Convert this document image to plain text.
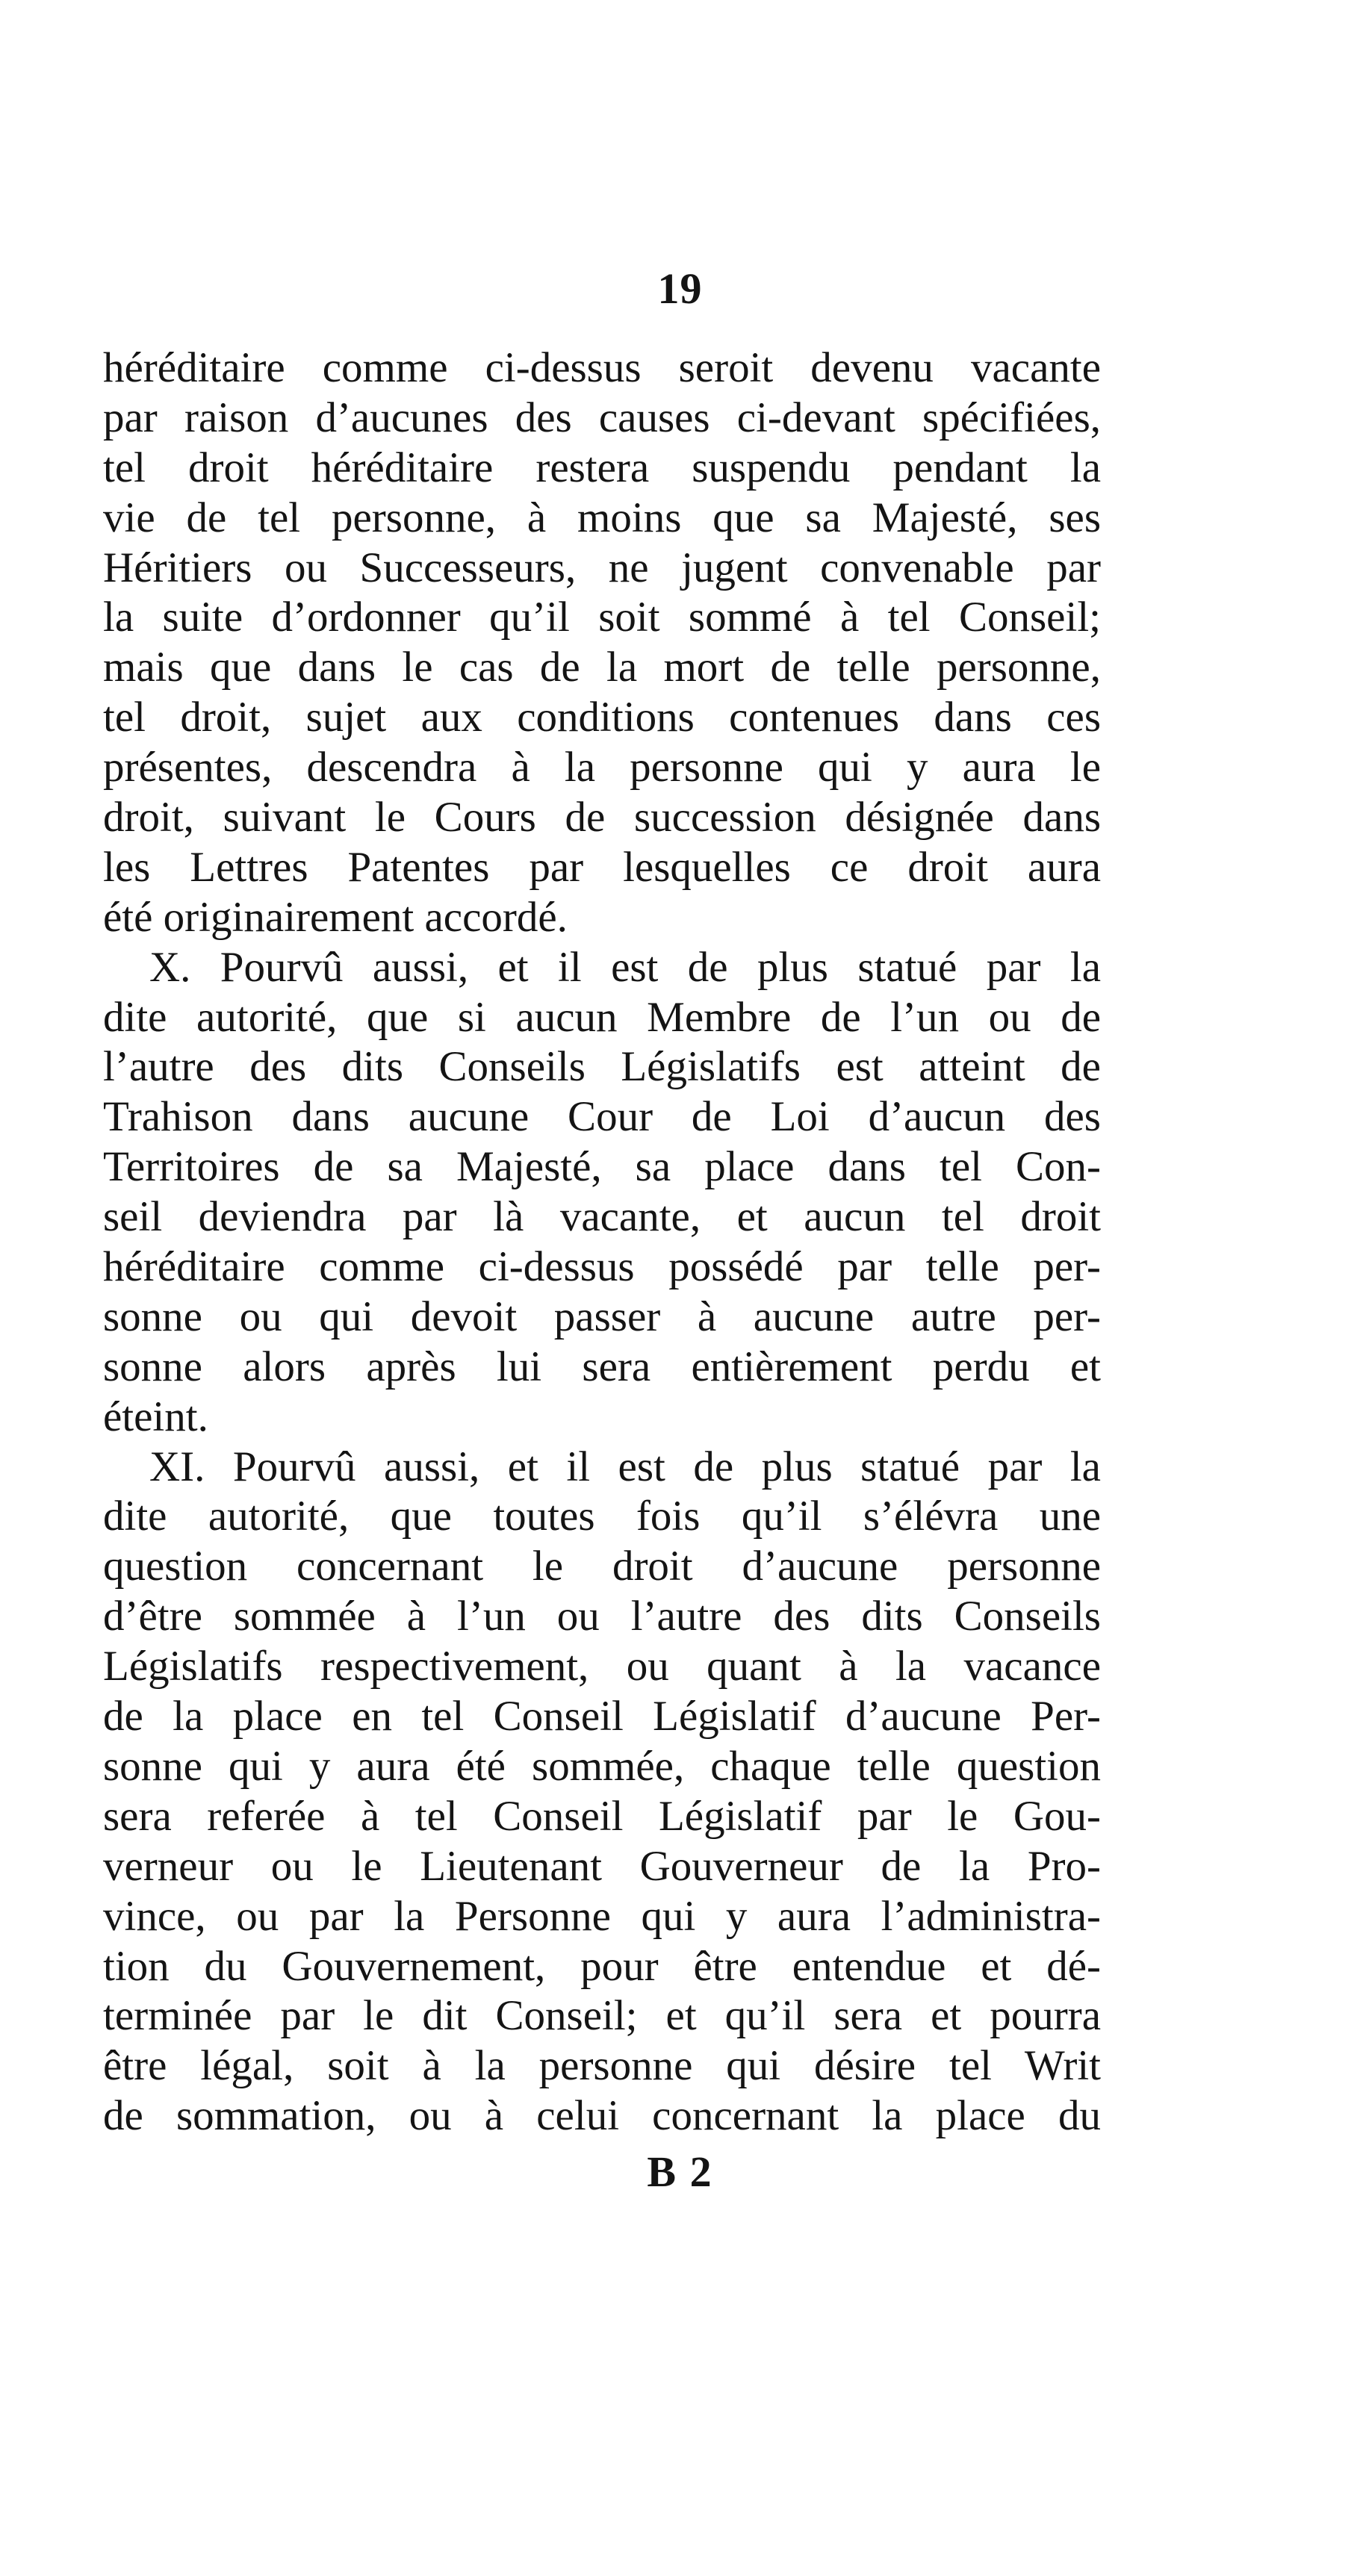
19
héréditaire comme ci-dessus seroit devenu vacante
par raison d’aucunes des causes ci-devant spécifiées,
tel droit héréditaire restera suspendu pendant la
vie de tel personne, à moins que sa Majesté, ses
Héritiers ou Successeurs, ne jugent convenable par
la suite d’ordonner qu’il soit sommé à tel Conseil;
mais que dans le cas de la mort de telle personne,
tel droit, sujet aux conditions contenues dans ces
présentes, descendra à la personne qui y aura le
droit, suivant le Cours de succession désignée dans
les Lettres Patentes par lesquelles ce droit aura
été originairement accordé.
X. Pourvû aussi, et il est de plus statué par la
dite autorité, que si aucun Membre de l’un ou de
l’autre des dits Conseils Législatifs est atteint de
Trahison dans aucune Cour de Loi d’aucun des
Territoires de sa Majesté, sa place dans tel Con-
seil deviendra par là vacante, et aucun tel droit
héréditaire comme ci-dessus possédé par telle per-
sonne ou qui devoit passer à aucune autre per-
sonne alors après lui sera entièrement perdu et
éteint.
XI. Pourvû aussi, et il est de plus statué par la
dite autorité, que toutes fois qu’il s’élévra une
question concernant le droit d’aucune personne
d’être sommée à l’un ou l’autre des dits Conseils
Législatifs respectivement, ou quant à la vacance
de la place en tel Conseil Législatif d’aucune Per-
sonne qui y aura été sommée, chaque telle question
sera referée à tel Conseil Législatif par le Gou-
verneur ou le Lieutenant Gouverneur de la Pro-
vince, ou par la Personne qui y aura l’administra-
tion du Gouvernement, pour être entendue et dé-
terminée par le dit Conseil; et qu’il sera et pourra
être légal, soit à la personne qui désire tel Writ
de sommation, ou à celui concernant la place du
B 2
